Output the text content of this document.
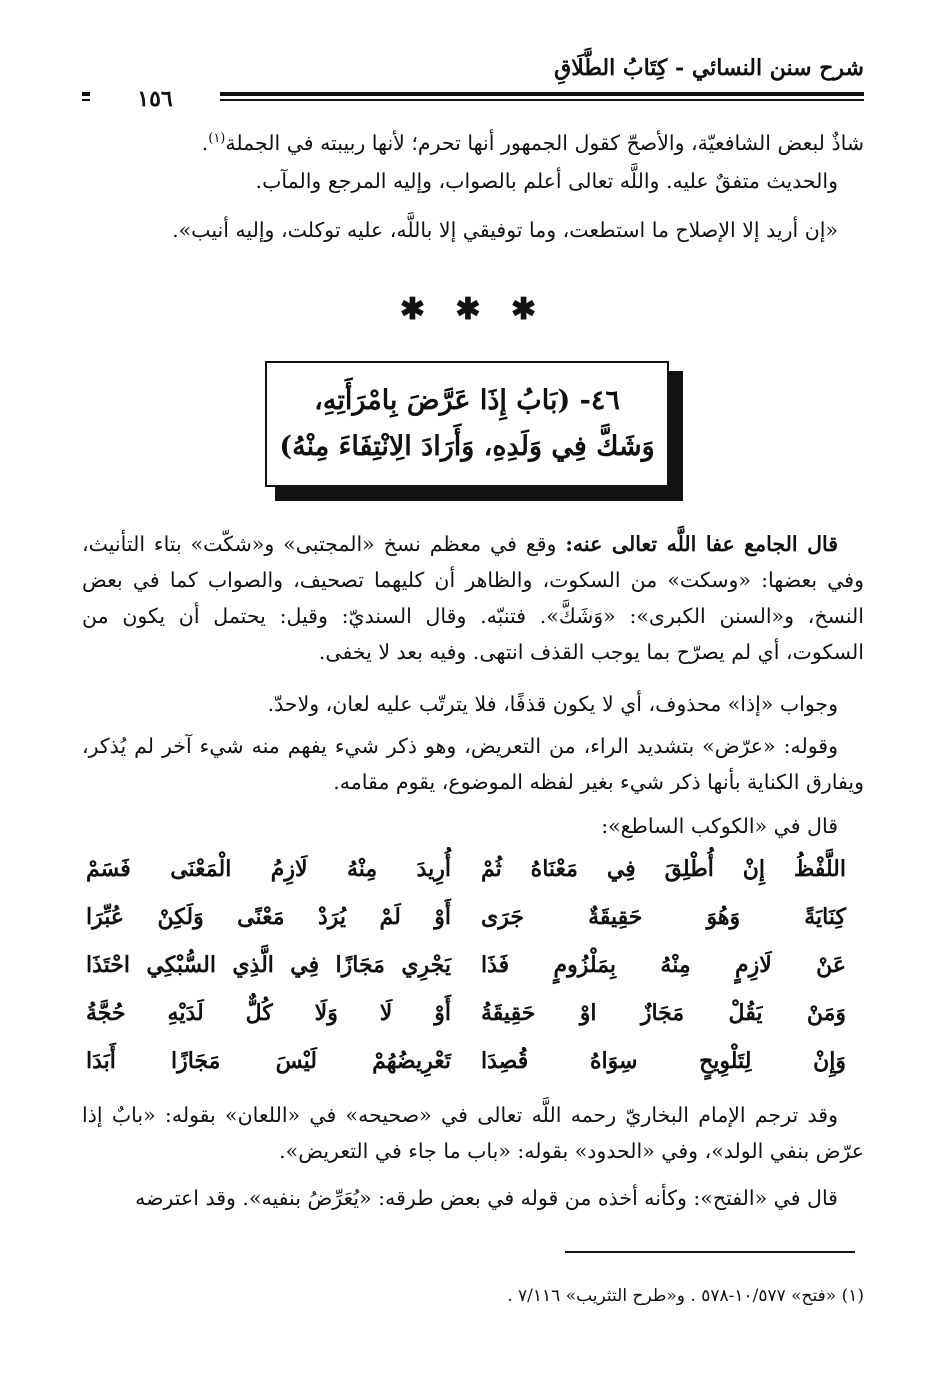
شرح سنن النسائي - كِتَابُ الطَّلَاقِ
١٥٦
شاذٌ لبعض الشافعيّة، والأصحّ كقول الجمهور أنها تحرم؛ لأنها ربيبته في الجملة$^{(١)}$.
والحديث متفقٌ عليه. واللَّه تعالى أعلم بالصواب، وإليه المرجع والمآب.
«إن أريد إلا الإصلاح ما استطعت، وما توفيقي إلا باللَّه، عليه توكلت، وإليه أنيب».
✱ ✱ ✱
٤٦- (بَابُ إِذَا عَرَّضَ بِامْرَأَتِهِ،
وَشَكَّ فِي وَلَدِهِ، وَأَرَادَ الِانْتِفَاءَ مِنْهُ)
قال الجامع عفا اللَّه تعالى عنه: وقع في معظم نسخ «المجتبى» و«شكّت» بتاء التأنيث، وفي بعضها: «وسكت» من السكوت، والظاهر أن كليهما تصحيف، والصواب كما في بعض النسخ، و«السنن الكبرى»: «وَشَكَّ». فتنبّه. وقال السنديّ: وقيل: يحتمل أن يكون من السكوت، أي لم يصرّح بما يوجب القذف انتهى. وفيه بعد لا يخفى.
وجواب «إذا» محذوف، أي لا يكون قذفًا، فلا يترتّب عليه لعان، ولاحدّ.
وقوله: «عرّض» بتشديد الراء، من التعريض، وهو ذكر شيء يفهم منه شيء آخر لم يُذكر، ويفارق الكناية بأنها ذكر شيء بغير لفظه الموضوع، يقوم مقامه.
قال في «الكوكب الساطع»:
اللَّفْظُ إِنْ أُطْلِقَ فِي مَعْنَاهُ ثُمْ
أُرِيدَ مِنْهُ لَازِمُ الْمَعْنَى فَسَمْ
كِنَايَةً وَهُوَ حَقِيقَةٌ جَرَى
أَوْ لَمْ يُرَدْ مَعْنًى وَلَكِنْ عُبِّرَا
عَنْ لَازِمٍ مِنْهُ بِمَلْزُومٍ فَذَا
يَجْرِي مَجَازًا فِي الَّذِي السُّبْكِي احْتَذَا
وَمَنْ يَقُلْ مَجَازٌ اوْ حَقِيقَةُ
أَوْ لَا وَلَا كُلٌّ لَدَيْهِ حُجَّةُ
وَإِنْ لِتَلْوِيحٍ سِوَاهُ قُصِدَا
تَعْرِيضُهُمْ لَيْسَ مَجَازًا أَبَدَا
وقد ترجم الإمام البخاريّ رحمه اللَّه تعالى في «صحيحه» في «اللعان» بقوله: «بابٌ إذا عرّض بنفي الولد»، وفي «الحدود» بقوله: «باب ما جاء في التعريض».
قال في «الفتح»: وكأنه أخذه من قوله في بعض طرقه: «يُعَرِّضُ بنفيه». وقد اعترضه
(١) «فتح» ١٠/٥٧٧-٥٧٨ . و«طرح التثريب» ٧/١١٦ .
